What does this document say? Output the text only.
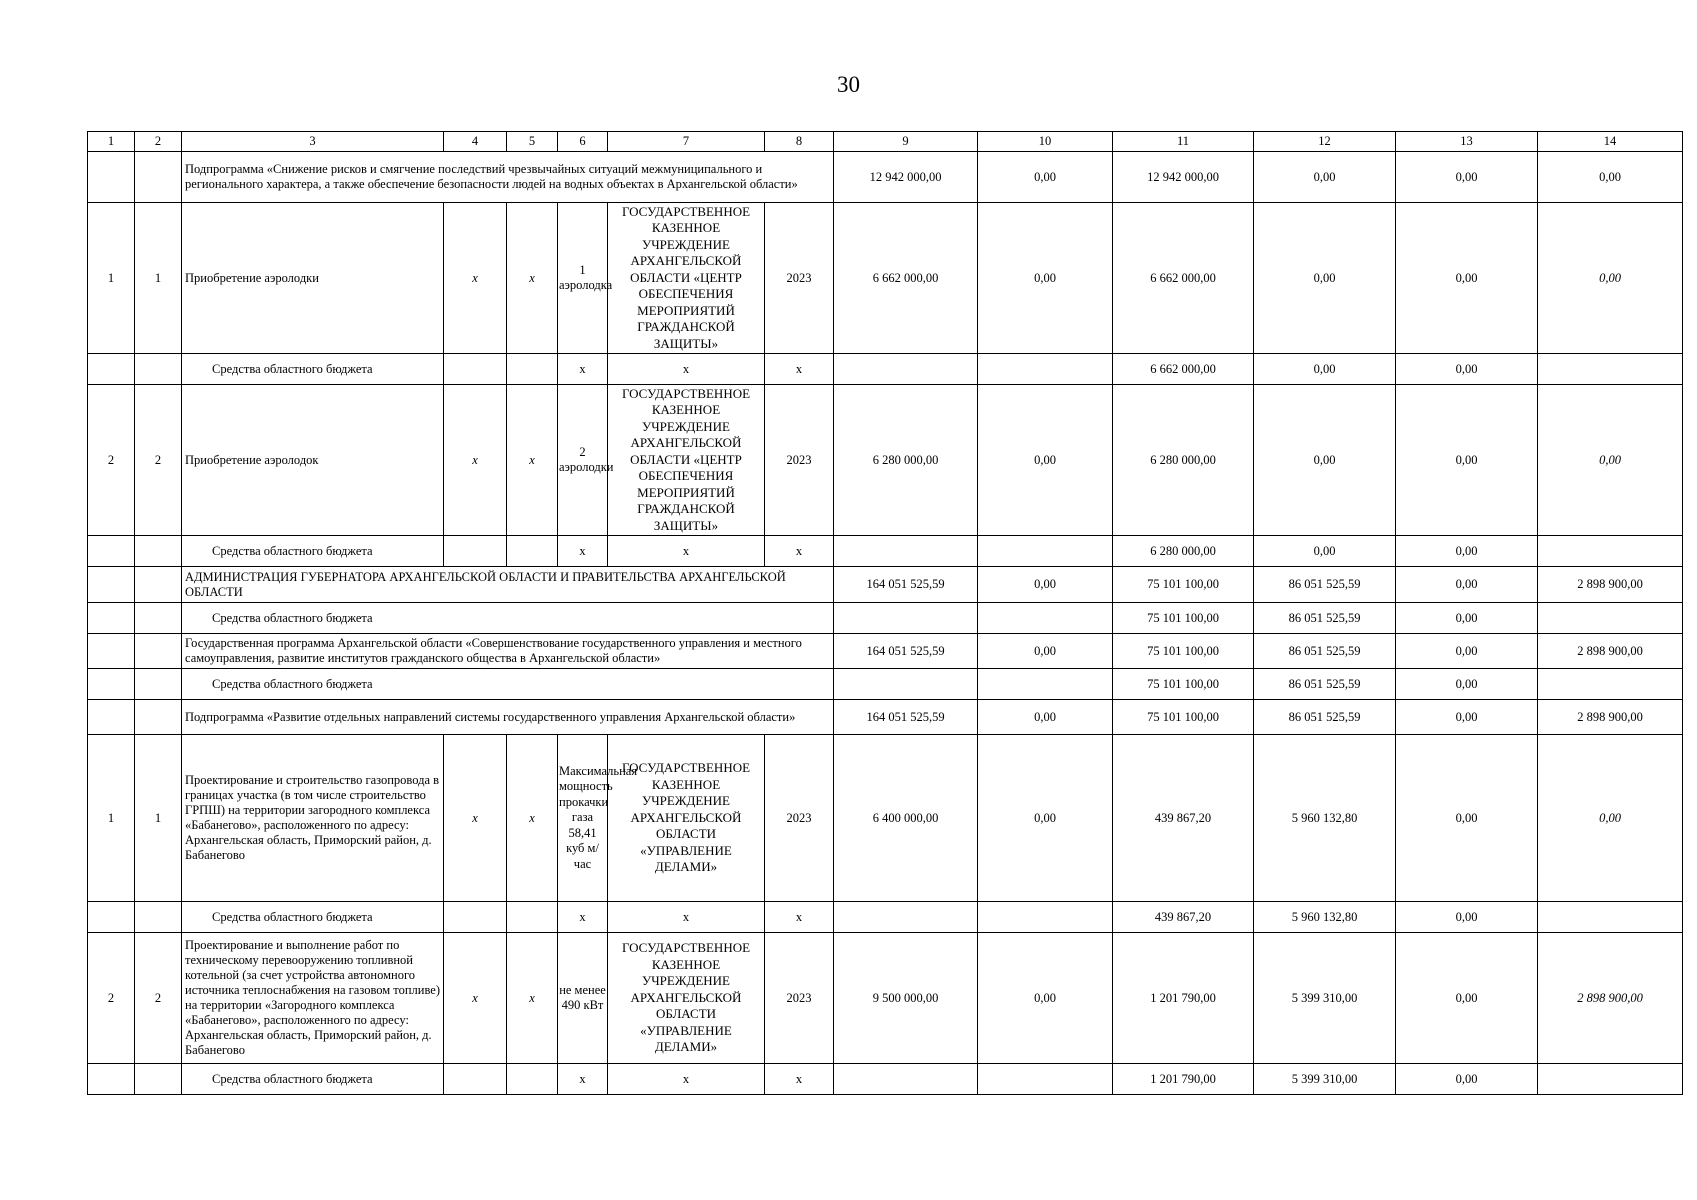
30
1	2	3	4	5	6	7	8	9	10	11	12	13	14
		Подпрограмма «Снижение рисков и смягчение последствий чрезвычайных ситуаций межмуниципального и регионального характера, а также обеспечение безопасности людей на водных объектах в Архангельской области»						12 942 000,00	0,00	12 942 000,00	0,00	0,00	0,00
1	1	Приобретение аэролодки	х	х	1 аэролодка	ГОСУДАРСТВЕННОЕ КАЗЕННОЕ УЧРЕЖДЕНИЕ АРХАНГЕЛЬСКОЙ ОБЛАСТИ «ЦЕНТР ОБЕСПЕЧЕНИЯ МЕРОПРИЯТИЙ ГРАЖДАНСКОЙ ЗАЩИТЫ»	2023	6 662 000,00	0,00	6 662 000,00	0,00	0,00	0,00
		Средства областного бюджета			х	х	х			6 662 000,00	0,00	0,00	
2	2	Приобретение аэролодок	х	х	2 аэролодки	ГОСУДАРСТВЕННОЕ КАЗЕННОЕ УЧРЕЖДЕНИЕ АРХАНГЕЛЬСКОЙ ОБЛАСТИ «ЦЕНТР ОБЕСПЕЧЕНИЯ МЕРОПРИЯТИЙ ГРАЖДАНСКОЙ ЗАЩИТЫ»	2023	6 280 000,00	0,00	6 280 000,00	0,00	0,00	0,00
		Средства областного бюджета			х	х	х			6 280 000,00	0,00	0,00	
		АДМИНИСТРАЦИЯ ГУБЕРНАТОРА АРХАНГЕЛЬСКОЙ ОБЛАСТИ И ПРАВИТЕЛЬСТВА АРХАНГЕЛЬСКОЙ ОБЛАСТИ						164 051 525,59	0,00	75 101 100,00	86 051 525,59	0,00	2 898 900,00
		Средства областного бюджета								75 101 100,00	86 051 525,59	0,00	
		Государственная программа Архангельской области «Совершенствование государственного управления и местного самоуправления, развитие институтов гражданского общества в Архангельской области»						164 051 525,59	0,00	75 101 100,00	86 051 525,59	0,00	2 898 900,00
		Средства областного бюджета								75 101 100,00	86 051 525,59	0,00	
		Подпрограмма «Развитие отдельных направлений системы государственного управления Архангельской области»						164 051 525,59	0,00	75 101 100,00	86 051 525,59	0,00	2 898 900,00
1	1	Проектирование и строительство газопровода в границах участка (в том числе строительство ГРПШ) на территории загородного комплекса «Бабанегово», расположенного по адресу: Архангельская область, Приморский район, д. Бабанегово	х	х	Максимальная мощность прокачки газа 58,41 куб м/час	ГОСУДАРСТВЕННОЕ КАЗЕННОЕ УЧРЕЖДЕНИЕ АРХАНГЕЛЬСКОЙ ОБЛАСТИ «УПРАВЛЕНИЕ ДЕЛАМИ»	2023	6 400 000,00	0,00	439 867,20	5 960 132,80	0,00	0,00
		Средства областного бюджета			х	х	х			439 867,20	5 960 132,80	0,00	
2	2	Проектирование и выполнение работ по техническому перевооружению топливной котельной (за счет устройства автономного источника теплоснабжения на газовом топливе) на территории «Загородного комплекса «Бабанегово», расположенного по адресу: Архангельская область, Приморский район, д. Бабанегово	х	х	не менее 490 кВт	ГОСУДАРСТВЕННОЕ КАЗЕННОЕ УЧРЕЖДЕНИЕ АРХАНГЕЛЬСКОЙ ОБЛАСТИ «УПРАВЛЕНИЕ ДЕЛАМИ»	2023	9 500 000,00	0,00	1 201 790,00	5 399 310,00	0,00	2 898 900,00
		Средства областного бюджета			х	х	х			1 201 790,00	5 399 310,00	0,00	
